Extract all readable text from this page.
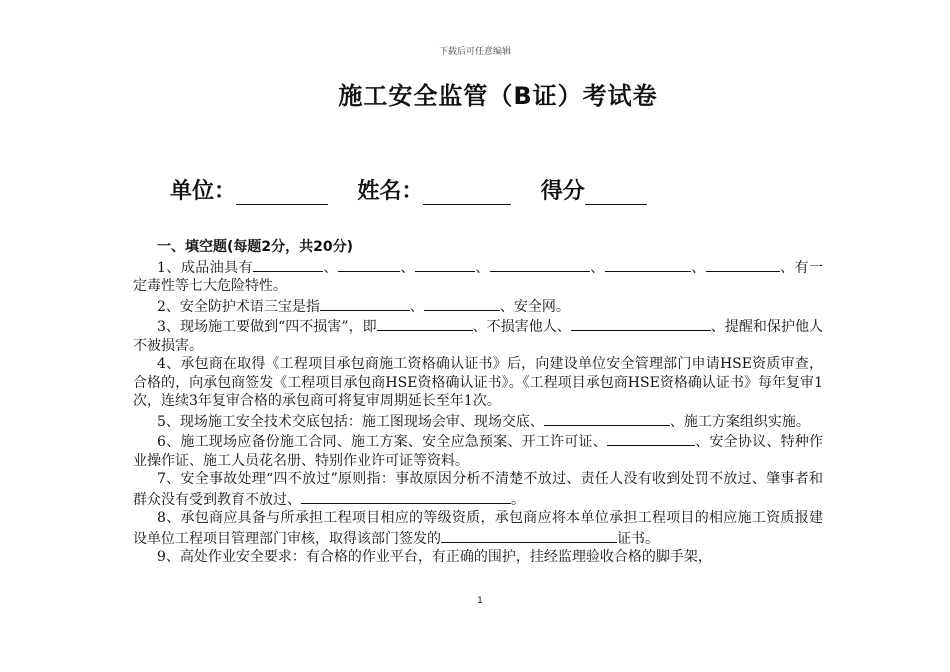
下载后可任意编辑
施工安全监管（B证）考试卷
单位：	姓名：	得分
一、填空题(每题2分，共20分)
1、成品油具有	、	、	、	、	、	、有一定毒性等七大危险特性。
2、安全防护术语三宝是指	、	、安全网。
3、现场施工要做到“四不损害”，即	、不损害他人、	、提醒和保护他人不被损害。
4、承包商在取得《工程项目承包商施工资格确认证书》后，向建设单位安全管理部门申请HSE资质审查，合格的，向承包商签发《工程项目承包商HSE资格确认证书》。《工程项目承包商HSE资格确认证书》每年复审1次，连续3年复审合格的承包商可将复审周期延长至年1次。
5、现场施工安全技术交底包括：施工图现场会审、现场交底、	、施工方案组织实施。
6、施工现场应备份施工合同、施工方案、安全应急预案、开工许可证、	、安全协议、特种作业操作证、施工人员花名册、特别作业许可证等资料。
7、安全事故处理“四不放过”原则指：事故原因分析不清楚不放过、责任人没有收到处罚不放过、肇事者和群众没有受到教育不放过、	。
8、承包商应具备与所承担工程项目相应的等级资质，承包商应将本单位承担工程项目的相应施工资质报建设单位工程项目管理部门审核，取得该部门签发的	证书。
9、高处作业安全要求：有合格的作业平台，有正确的围护，挂经监理验收合格的脚手架，
1
